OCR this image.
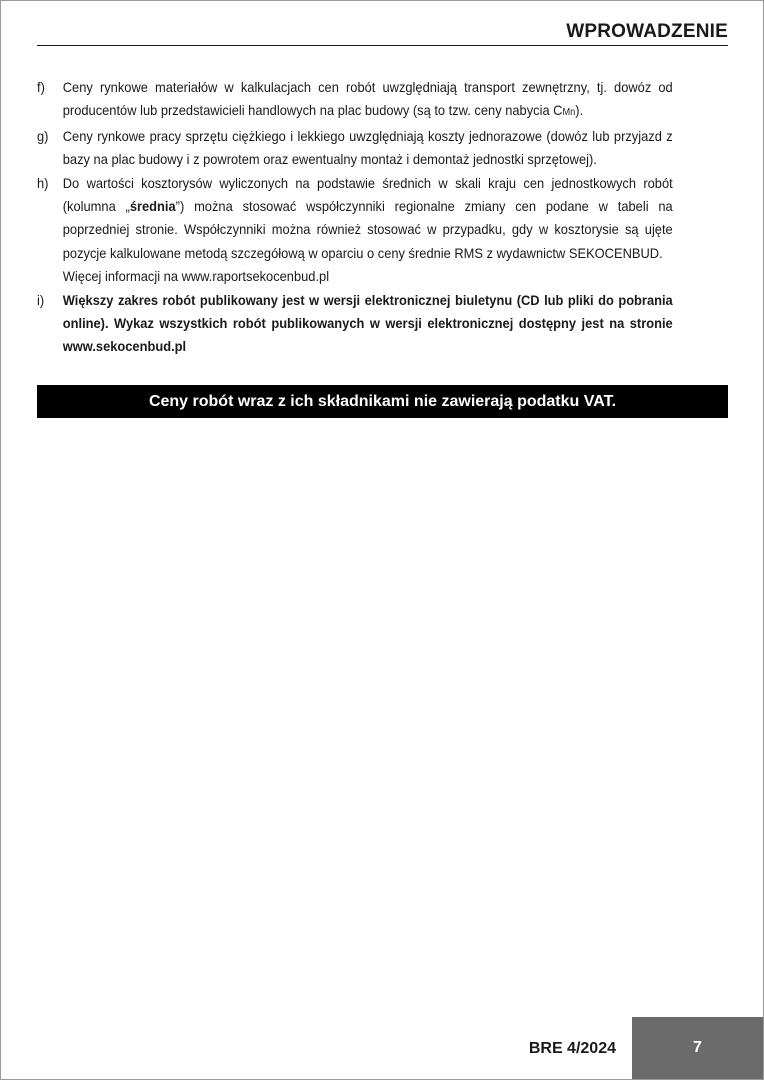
WPROWADZENIE
f)	Ceny rynkowe materiałów w kalkulacjach cen robót uwzględniają transport zewnętrzny, tj. dowóz od producentów lub przedstawicieli handlowych na plac budowy (są to tzw. ceny nabycia CMn).
g)	Ceny rynkowe pracy sprzętu ciężkiego i lekkiego uwzględniają koszty jednorazowe (dowóz lub przyjazd z bazy na plac budowy i z powrotem oraz ewentualny montaż i demontaż jednostki sprzętowej).
h)	Do wartości kosztorysów wyliczonych na podstawie średnich w skali kraju cen jednostkowych robót (kolumna „średnia”) można stosować współczynniki regionalne zmiany cen podane w tabeli na poprzedniej stronie. Współczynniki można również stosować w przypadku, gdy w kosztorysie są ujęte pozycje kalkulowane metodą szczegółową w oparciu o ceny średnie RMS z wydawnictw SEKOCENBUD.

Więcej informacji na www.raportsekocenbud.pl

i)	Większy zakres robót publikowany jest w wersji elektronicznej biuletynu (CD lub pliki do pobrania online). Wykaz wszystkich robót publikowanych w wersji elektronicznej dostępny jest na stronie www.sekocenbud.pl
Ceny robót wraz z ich składnikami nie zawierają podatku VAT.
BRE 4/2024	7
